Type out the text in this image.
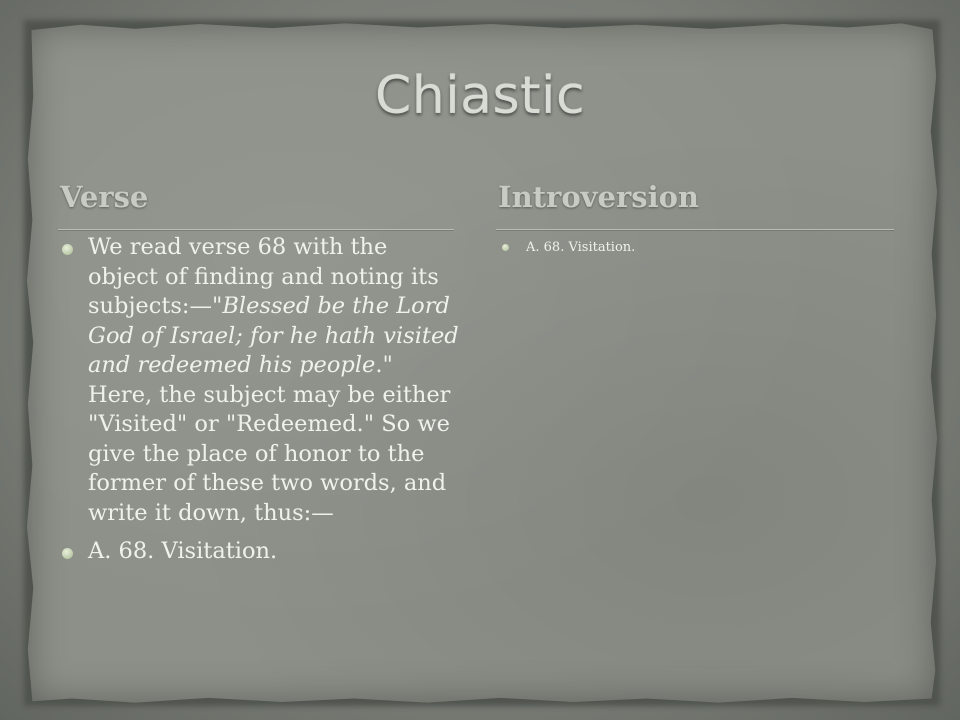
Chiastic
Verse	Introversion
We read verse 68 with the object of finding and noting its subjects:—"Blessed be the Lord God of Israel; for he hath visited and redeemed his people." Here, the subject may be either "Visited" or "Redeemed." So we give the place of honor to the former of these two words, and write it down, thus:—
A. 68. Visitation.
A. 68. Visitation.
